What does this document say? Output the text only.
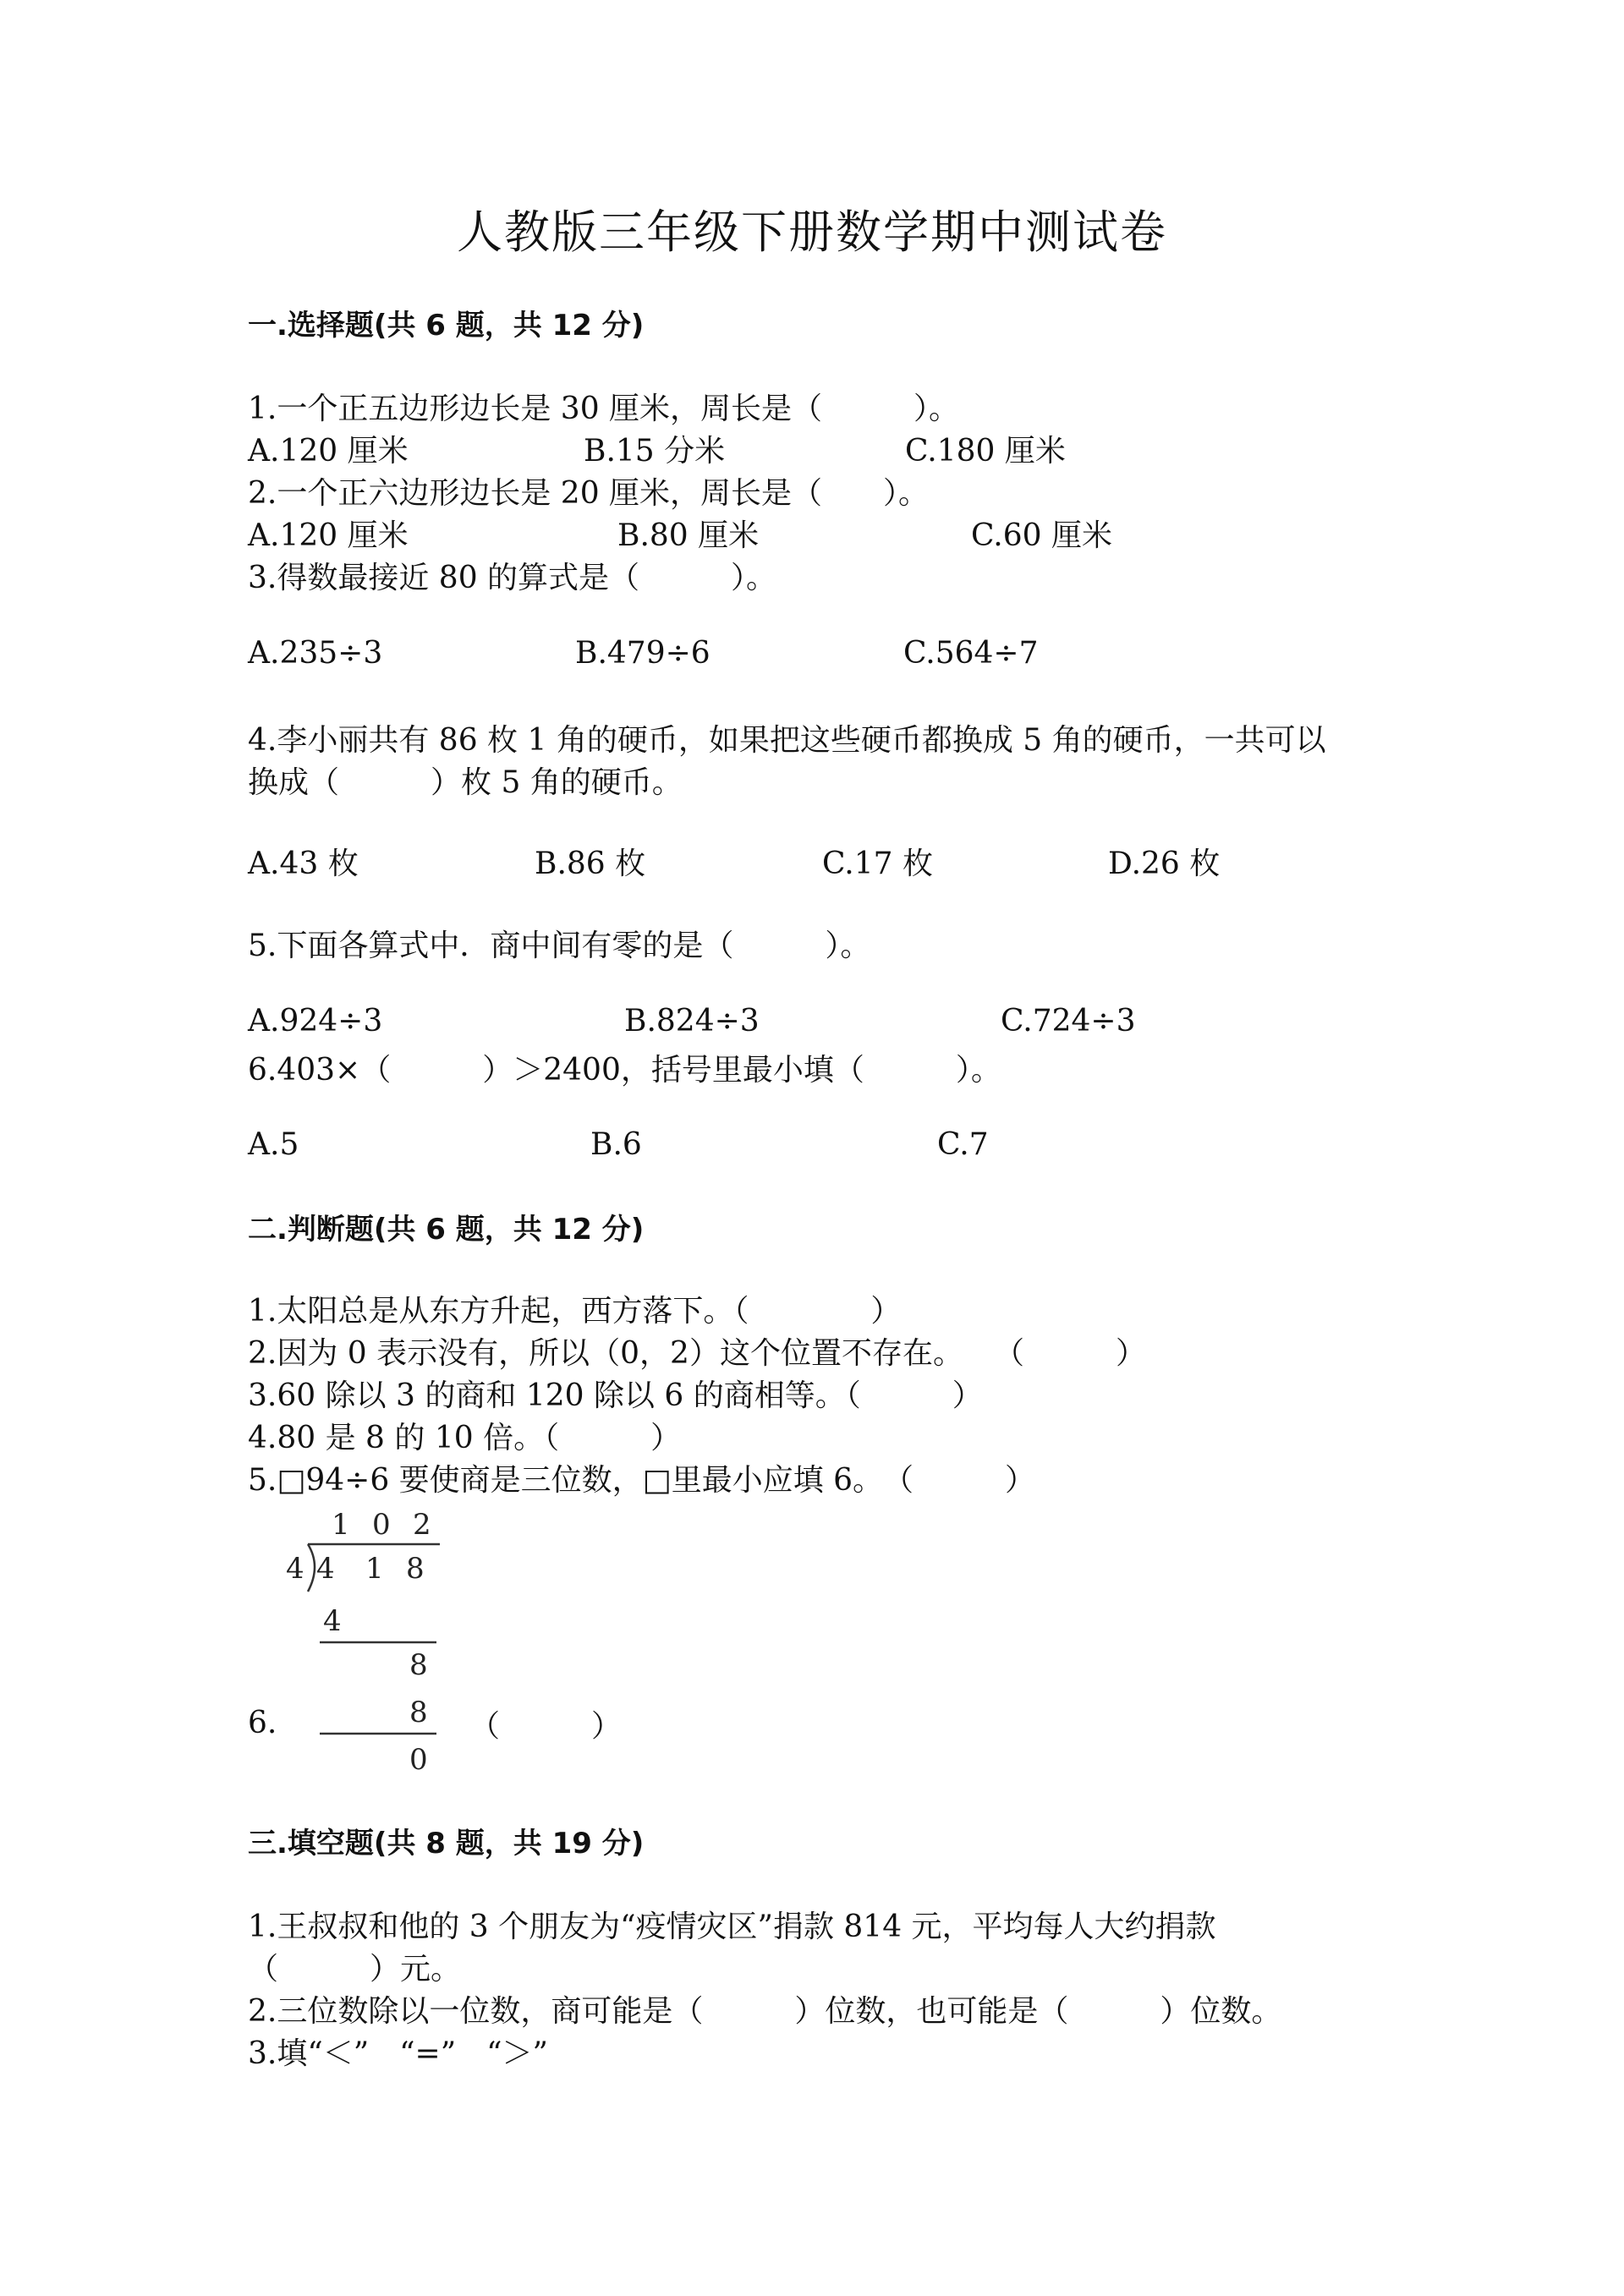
人教版三年级下册数学期中测试卷
一.选择题(共 6 题，共 12 分)
1.一个正五边形边长是 30 厘米，周长是（　　　）。
A.120 厘米	B.15 分米	C.180 厘米
2.一个正六边形边长是 20 厘米，周长是（　　）。
A.120 厘米	B.80 厘米	C.60 厘米
3.得数最接近 80 的算式是（　　　）。
A.235÷3	B.479÷6	C.564÷7
4.李小丽共有 86 枚 1 角的硬币，如果把这些硬币都换成 5 角的硬币，一共可以
换成（　　　）枚 5 角的硬币。
A.43 枚	B.86 枚	C.17 枚	D.26 枚
5.下面各算式中．商中间有零的是（　　　）。
A.924÷3	B.824÷3	C.724÷3
6.403×（　　　）＞2400，括号里最小填（　　　）。
A.5	B.6	C.7
二.判断题(共 6 题，共 12 分)
1.太阳总是从东方升起，西方落下。（　　　　）
2.因为 0 表示没有，所以（0，2）这个位置不存在。　　（　　　）
3.60 除以 3 的商和 120 除以 6 的商相等。（　　　）
4.80 是 8 的 10 倍。（　　　）
5.□94÷6 要使商是三位数，□里最小应填 6。　（　　　）
1 0 2
4 4 1 8
4
8
8
0
6.	（　　　）
三.填空题(共 8 题，共 19 分)
1.王叔叔和他的 3 个朋友为“疫情灾区”捐款 814 元，平均每人大约捐款
（　　　）元。
2.三位数除以一位数，商可能是（　　　）位数，也可能是（　　　）位数。
3.填“＜”　“=”　“＞”
